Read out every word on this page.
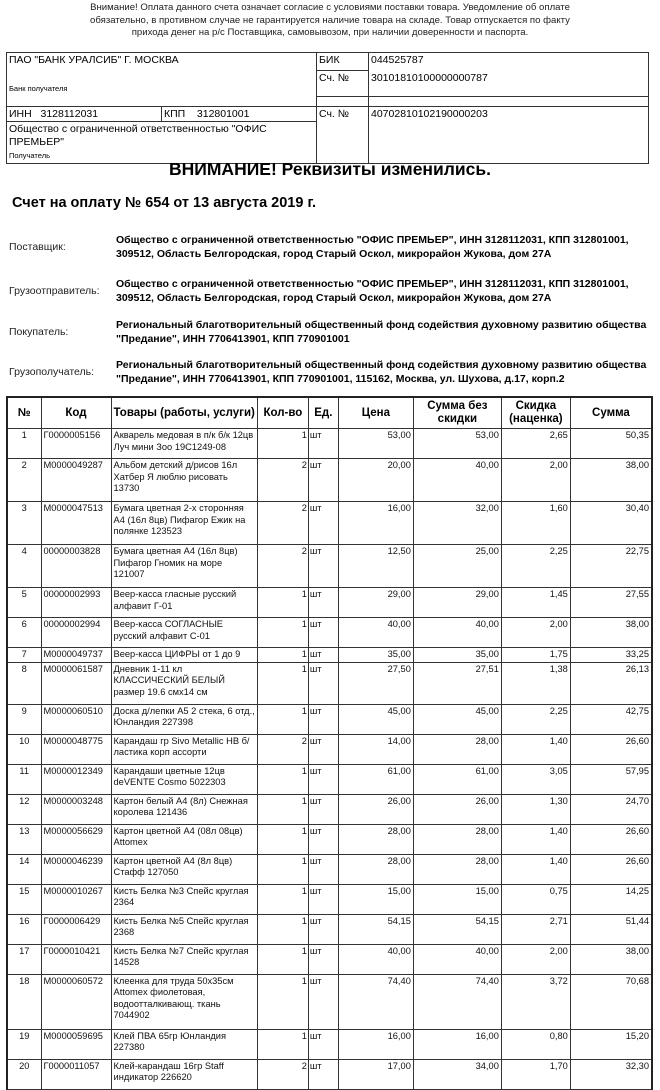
Внимание! Оплата данного счета означает согласие с условиями поставки товара. Уведомление об оплате
обязательно, в противном случае не гарантируется наличие товара на складе. Товар отпускается по факту
прихода денег на р/с Поставщика, самовывозом, при наличии доверенности и паспорта.
ПАО "БАНК УРАЛСИБ" Г. МОСКВА		БИК	044525787
		Сч. №	30101810100000000787

Банк получателя			

ИНН 3128112031	КПП 312801001	Сч. №	40702810102190000203

Общество с ограниченной ответственностью "ОФИС ПРЕМЬЕР"
Получатель			
ВНИМАНИЕ! Реквизиты изменились.
Счет на оплату № 654 от 13 августа 2019 г.
Поставщик:
Общество с ограниченной ответственностью "ОФИС ПРЕМЬЕР", ИНН 3128112031, КПП 312801001, 309512, Область Белгородская, город Старый Оскол, микрорайон Жукова, дом 27А
Грузоотправитель:
Общество с ограниченной ответственностью "ОФИС ПРЕМЬЕР", ИНН 3128112031, КПП 312801001, 309512, Область Белгородская, город Старый Оскол, микрорайон Жукова, дом 27А
Покупатель:
Региональный благотворительный общественный фонд содействия духовному развитию общества "Предание", ИНН 7706413901, КПП 770901001
Грузополучатель:
Региональный благотворительный общественный фонд содействия духовному развитию общества "Предание", ИНН 7706413901, КПП 770901001, 115162, Москва, ул. Шухова, д.17, корп.2
№	Код	Товары (работы, услуги)	Кол-во	Ед.	Цена	Сумма без скидки	Скидка (наценка)	Сумма
1	Г0000005156	Акварель медовая в п/к б/к 12цв Луч мини Зоо 19С1249-08	1	шт	53,00	53,00	2,65	50,35
2	М0000049287	Альбом детский д/рисов 16л Хатбер Я люблю рисовать 13730	2	шт	20,00	40,00	2,00	38,00
3	М0000047513	Бумага цветная 2-х сторонняя А4 (16л 8цв) Пифагор Ежик на полянке 123523	2	шт	16,00	32,00	1,60	30,40
4	00000003828	Бумага цветная А4 (16л 8цв) Пифагор Гномик на море 121007	2	шт	12,50	25,00	2,25	22,75
5	00000002993	Веер-касса гласные русский алфавит Г-01	1	шт	29,00	29,00	1,45	27,55
6	00000002994	Веер-касса СОГЛАСНЫЕ русский алфавит С-01	1	шт	40,00	40,00	2,00	38,00
7	М0000049737	Веер-касса ЦИФРЫ от 1 до 9	1	шт	35,00	35,00	1,75	33,25
8	М0000061587	Дневник 1-11 кл КЛАССИЧЕСКИЙ БЕЛЫЙ размер 19.6 смх14 см	1	шт	27,50	27,51	1,38	26,13
9	М0000060510	Доска д/лепки А5 2 стека, 6 отд., Юнландия 227398	1	шт	45,00	45,00	2,25	42,75
10	М0000048775	Карандаш гр Sivo Metallic HB б/ластика корп ассорти	2	шт	14,00	28,00	1,40	26,60
11	М0000012349	Карандаши цветные 12цв deVENTE Cosmo 5022303	1	шт	61,00	61,00	3,05	57,95
12	М0000003248	Картон белый А4 (8л) Снежная королева 121436	1	шт	26,00	26,00	1,30	24,70
13	М0000056629	Картон цветной А4 (08л 08цв) Attomex	1	шт	28,00	28,00	1,40	26,60
14	М0000046239	Картон цветной А4 (8л 8цв) Стафф 127050	1	шт	28,00	28,00	1,40	26,60
15	М0000010267	Кисть Белка №3 Спейс круглая 2364	1	шт	15,00	15,00	0,75	14,25
16	Г0000006429	Кисть Белка №5 Спейс круглая 2368	1	шт	54,15	54,15	2,71	51,44
17	Г0000010421	Кисть Белка №7 Спейс круглая 14528	1	шт	40,00	40,00	2,00	38,00
18	М0000060572	Клеенка для труда 50х35см Attomex фиолетовая, водоотталкивающ. ткань 7044902	1	шт	74,40	74,40	3,72	70,68
19	М0000059695	Клей ПВА 65гр Юнландия 227380	1	шт	16,00	16,00	0,80	15,20
20	Г0000011057	Клей-карандаш 16гр Staff индикатор 226620	2	шт	17,00	34,00	1,70	32,30
